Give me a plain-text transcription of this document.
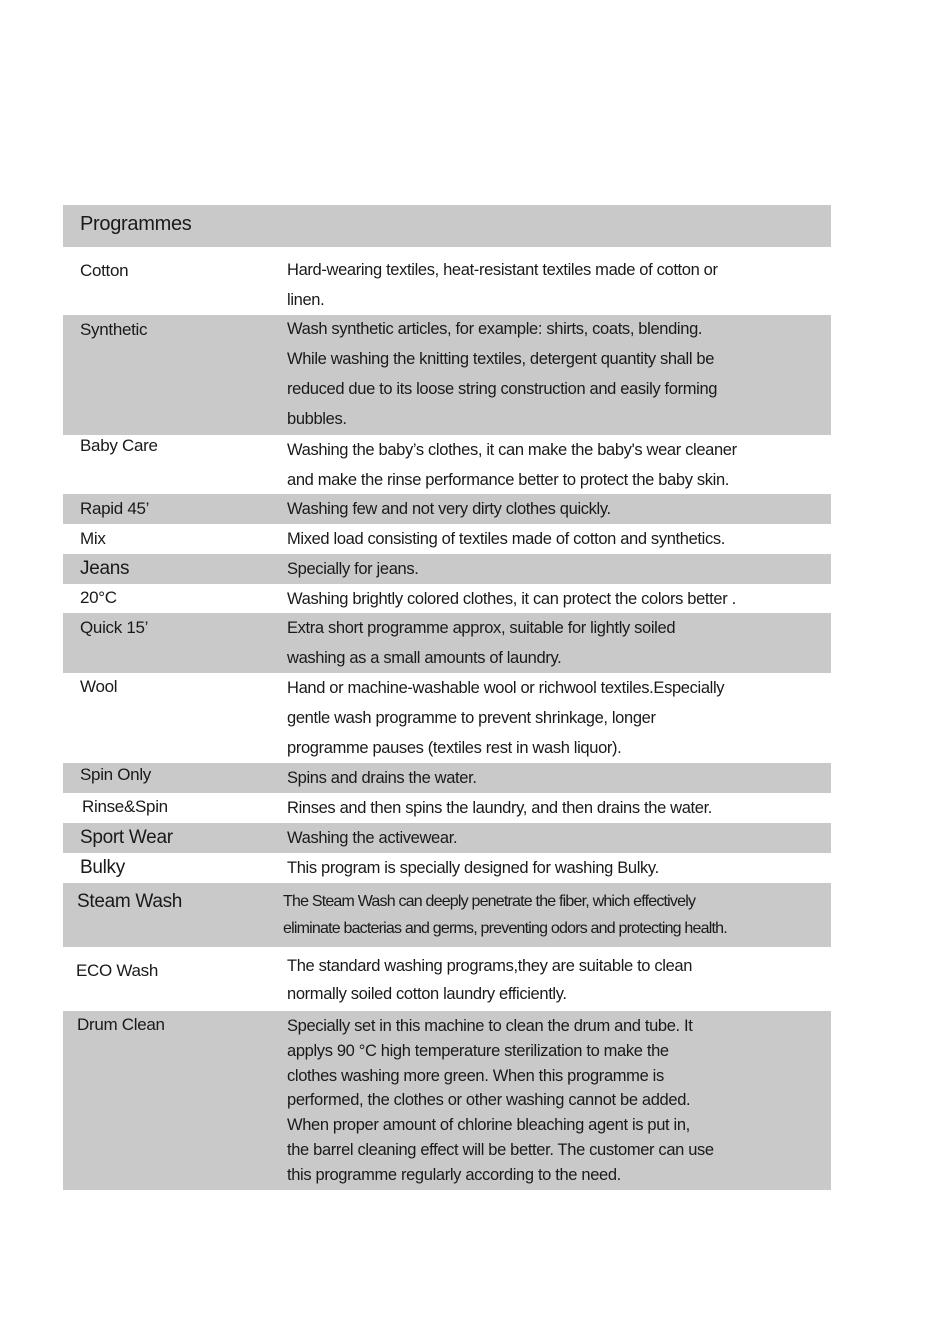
Programmes
Cotton	Hard-wearing textiles, heat-resistant textiles made of cotton or
linen.
Synthetic	Wash synthetic articles, for example: shirts, coats, blending.
While washing the knitting textiles, detergent quantity shall be
reduced due to its loose string construction and easily forming
bubbles.
Baby Care	Washing the baby’s clothes, it can make the baby's wear cleaner
and make the rinse performance better to protect the baby skin.
Rapid 45’	Washing few and not very dirty clothes quickly.
Mix	Mixed load consisting of textiles made of cotton and synthetics.
Jeans	Specially for jeans.
20°C	Washing brightly colored clothes, it can protect the colors better .
Quick 15’	Extra short programme approx, suitable for lightly soiled
washing as a small amounts of laundry.
Wool	Hand or machine-washable wool or richwool textiles.Especially
gentle wash programme to prevent shrinkage, longer
programme pauses (textiles rest in wash liquor).
Spin Only	Spins and drains the water.
Rinse&Spin	Rinses and then spins the laundry, and then drains the water.
Sport Wear	Washing the activewear.
Bulky	This program is specially designed for washing Bulky.
Steam Wash	The Steam Wash can deeply penetrate the fiber, which effectively
eliminate bacterias and germs, preventing odors and protecting health.
ECO Wash	The standard washing programs,they are suitable to clean
normally soiled cotton laundry efficiently.
Drum Clean	Specially set in this machine to clean the drum and tube. It
applys 90 °C high temperature sterilization to make the
clothes washing more green. When this programme is
performed, the clothes or other washing cannot be added.
When proper amount of chlorine bleaching agent is put in,
the barrel cleaning effect will be better. The customer can use
this programme regularly according to the need.
